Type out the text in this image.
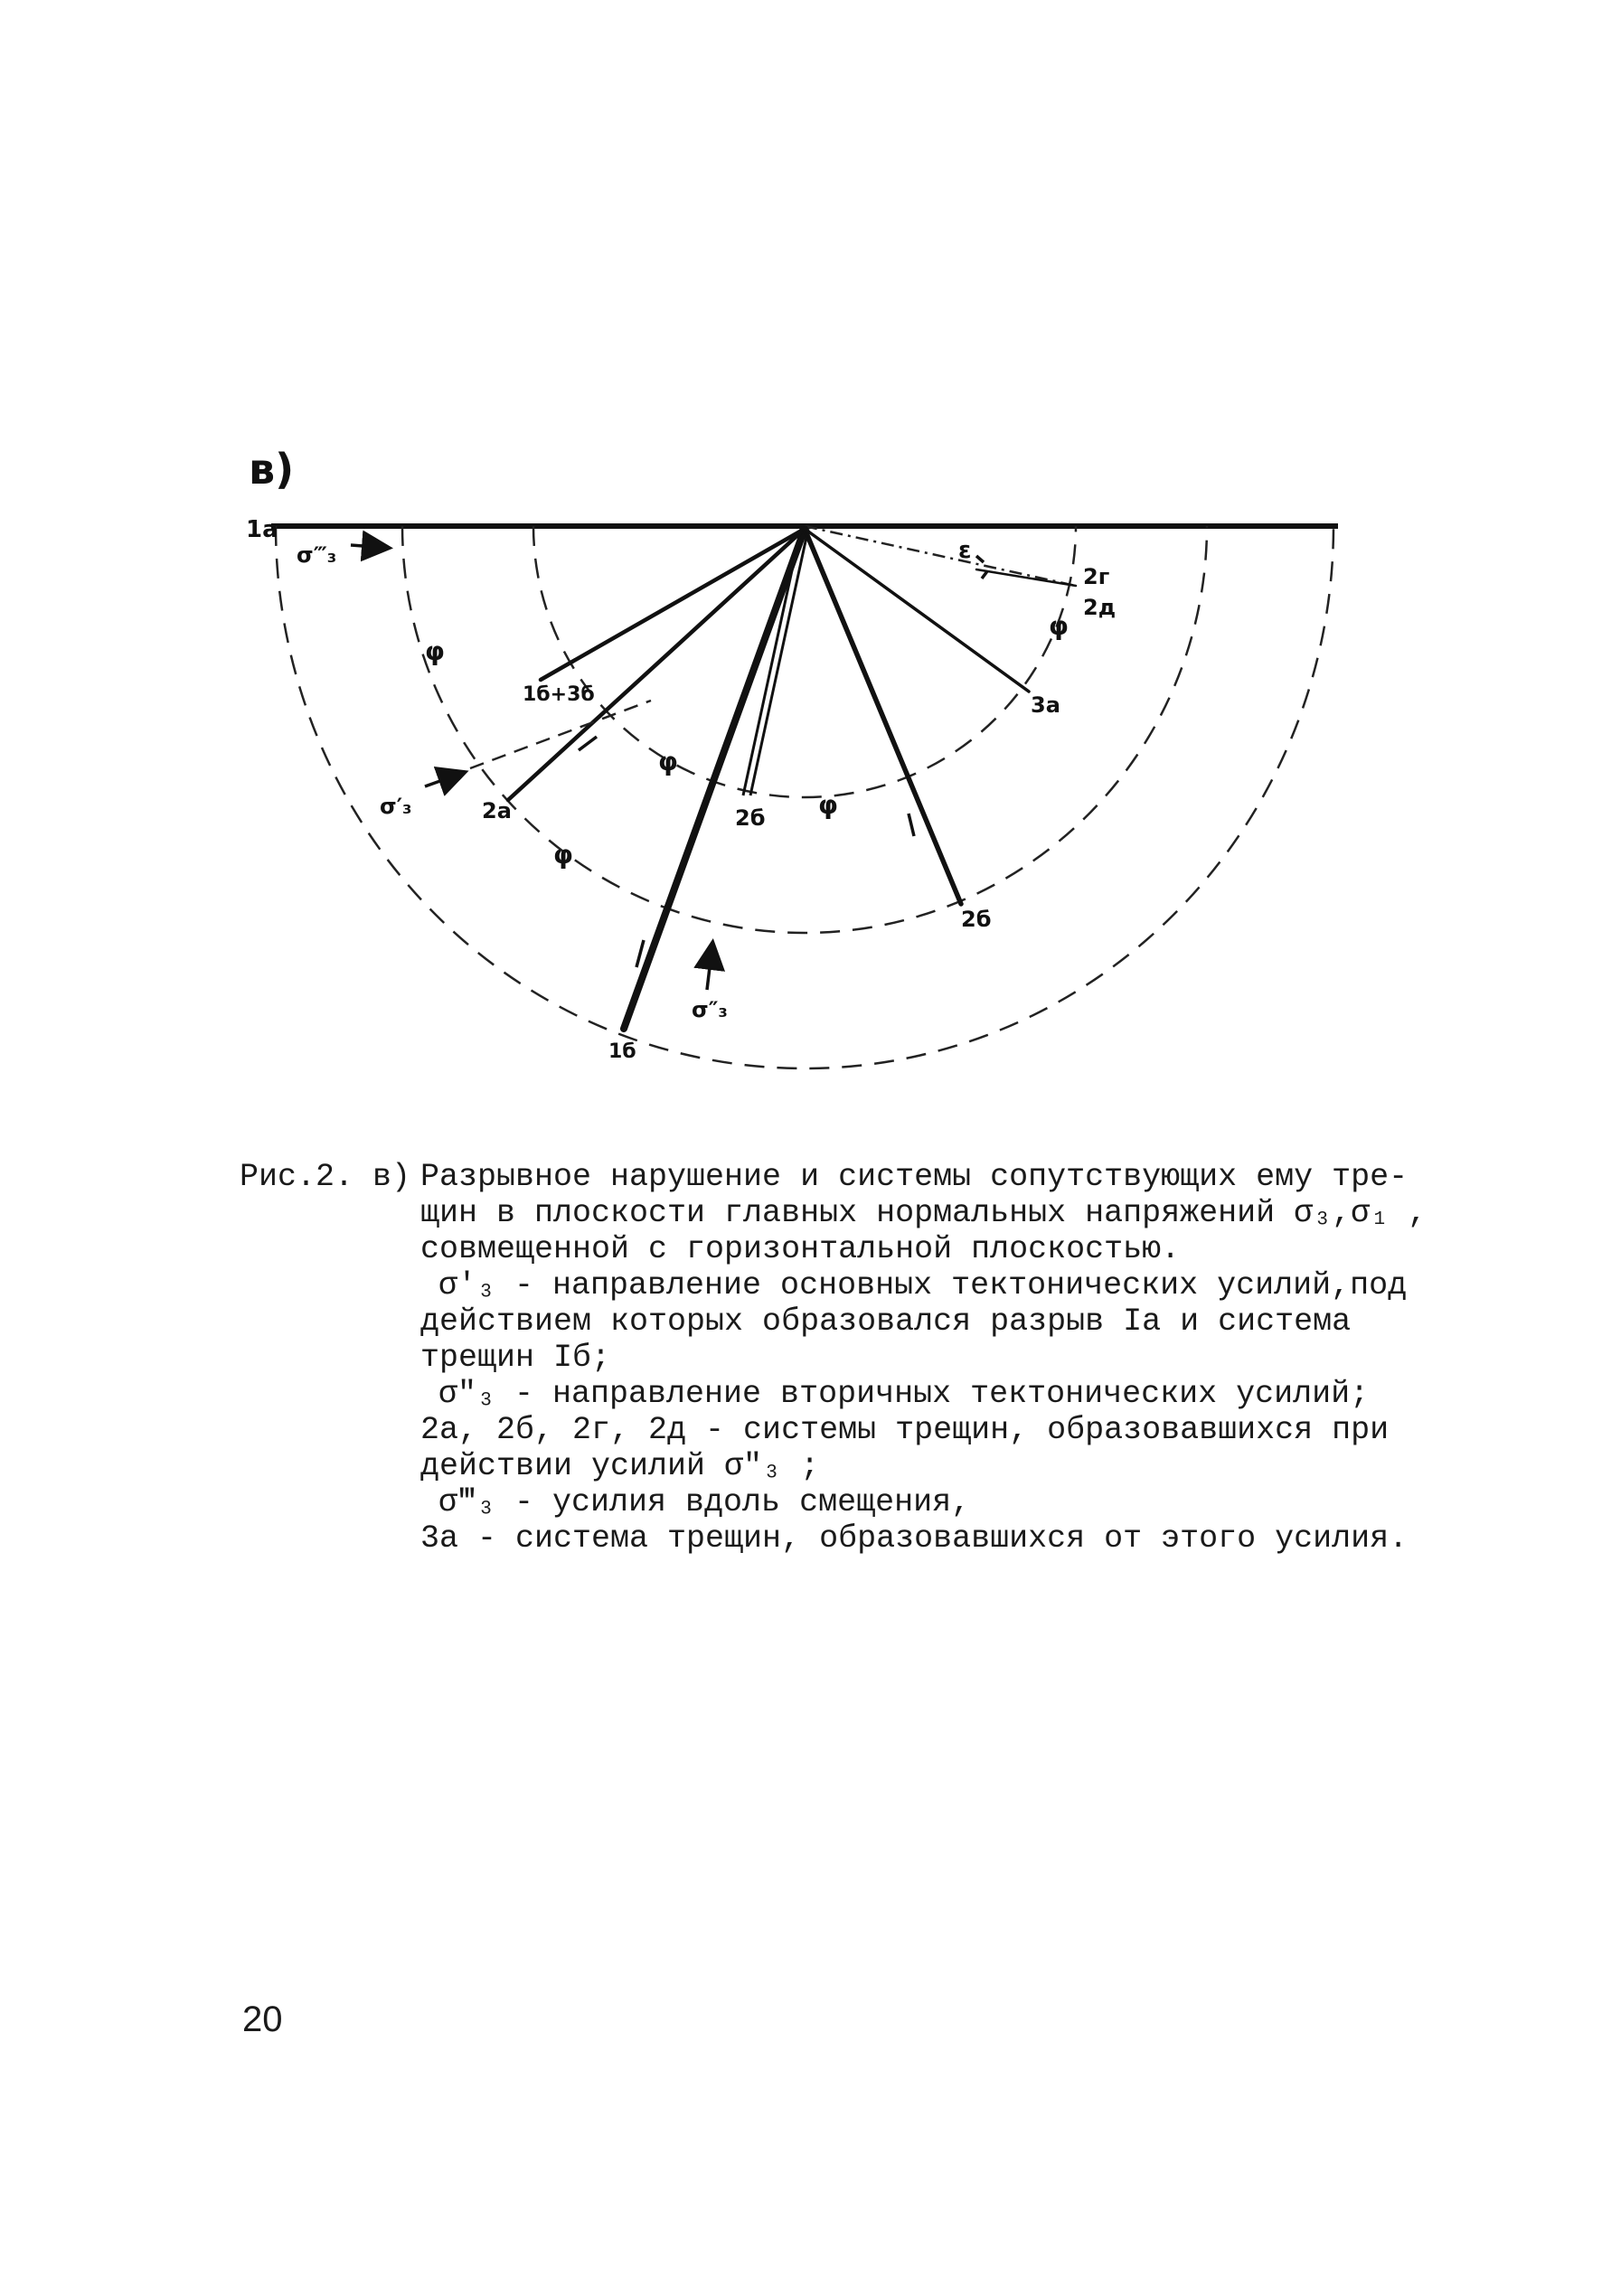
1а
в)
σ‴₃
1б+3б
σ′₃	2а	2б
2б
3а
2г
2д
1б
σ″₃
ε
φ
φ
φ
φ
φ
Рис.2. в) Разрывное нарушение и системы сопутствующих ему тре-
щин в плоскости главных нормальных напряжений σ₃,σ₁ ,
совмещенной с горизонтальной плоскостью.
σ′₃ - направление основных тектонических усилий,под
действием которых образовался разрыв Iа и система
трещин Iб;
σ″₃ - направление вторичных тектонических усилий;
2а, 2б, 2г, 2д - системы трещин, образовавшихся при
действии усилий σ″₃ ;
σ‴₃ - усилия вдоль смещения,
3а - система трещин, образовавшихся от этого усилия.
20
